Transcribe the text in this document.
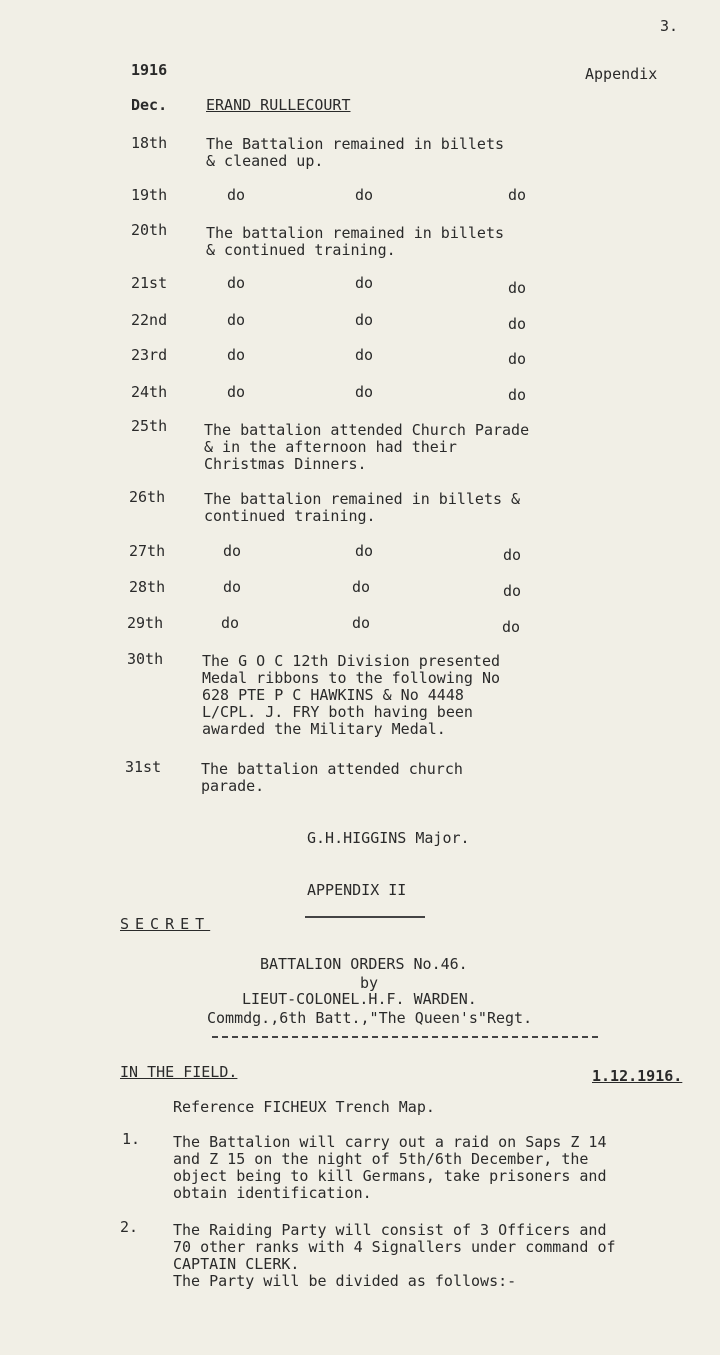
3.
1916	Appendix
Dec.	ERAND RULLECOURT
18th	The Battalion remained in billets
& cleaned up.
19th	do	do	do
20th	The battalion remained in billets
& continued training.
21st	do	do	do
22nd	do	do	do
23rd	do	do	do
24th	do	do	do
25th The battalion attended Church Parade
& in the afternoon had their
Christmas Dinners.
26th	The battalion remained in billets &
continued training.
27th	do	do	do
28th	do	do	do
29th	do	do	do
30th	The G O C 12th Division presented
Medal ribbons to the following No
628 PTE P C HAWKINS & No 4448
L/CPL. J. FRY both having been
awarded the Military Medal.
31st	The battalion attended church
parade.
G.H.HIGGINS Major.
APPENDIX II
SECRET
BATTALION ORDERS No.46.
by
LIEUT-COLONEL.H.F. WARDEN.
Commdg.,6th Batt.,"The Queen's"Regt.
IN THE FIELD.	1.12.1916.
Reference FICHEUX Trench Map.
1. The Battalion will carry out a raid on Saps Z 14
and Z 15 on the night of 5th/6th December, the
object being to kill Germans, take prisoners and
obtain identification.
2. The Raiding Party will consist of 3 Officers and
70 other ranks with 4 Signallers under command of
CAPTAIN CLERK.
The Party will be divided as follows:-
